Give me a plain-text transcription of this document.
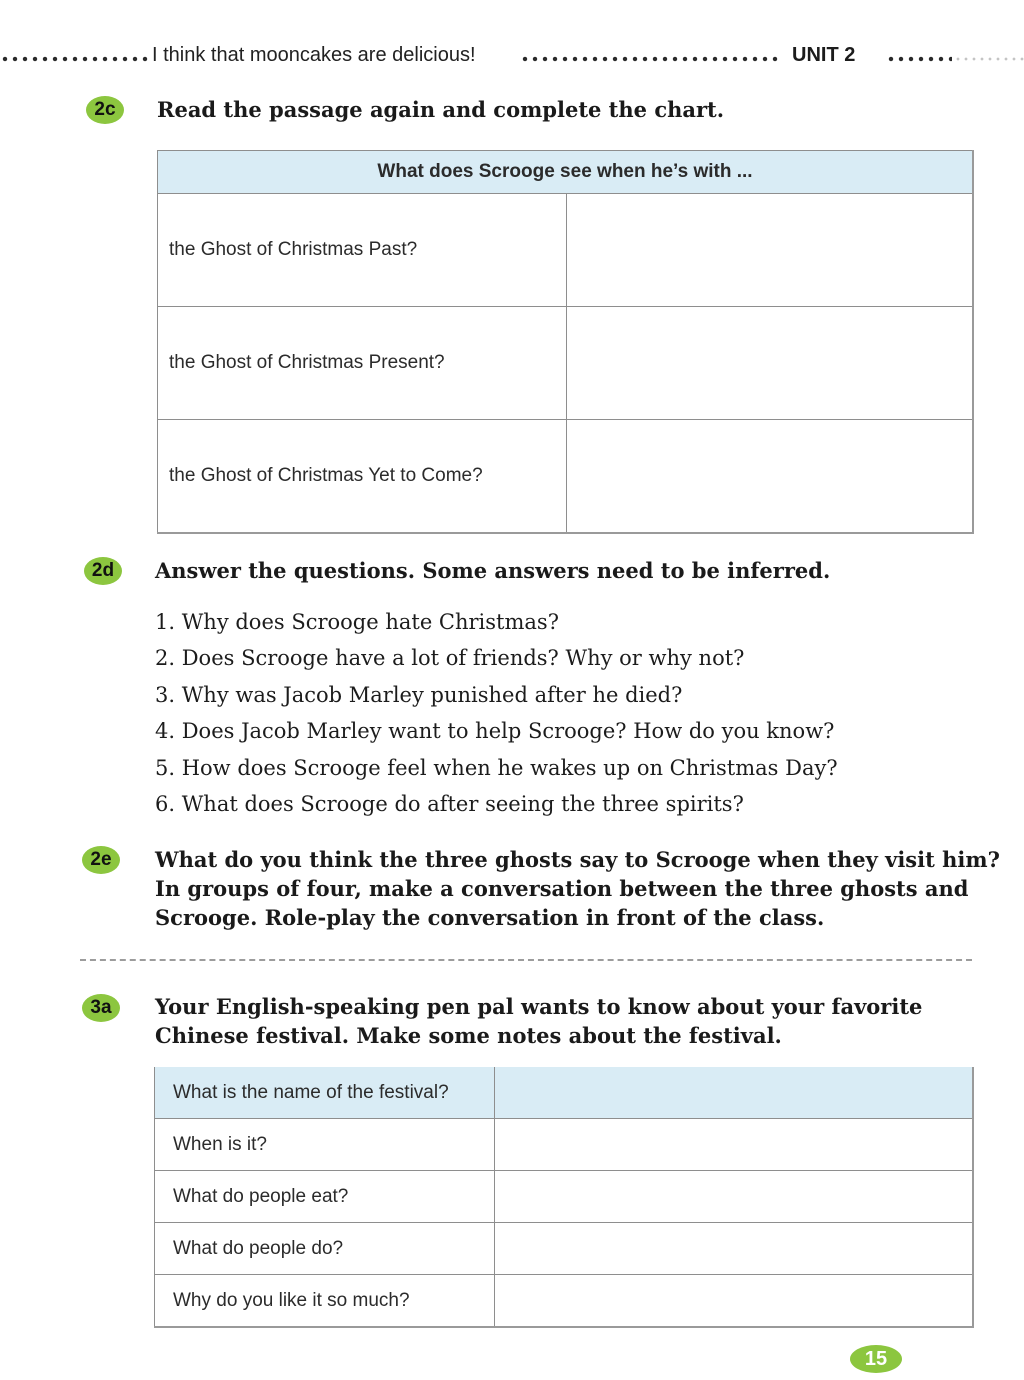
I think that mooncakes are delicious!	UNIT 2
2c	Read the passage again and complete the chart.
What does Scrooge see when he’s with ...	
the Ghost of Christmas Past?	
the Ghost of Christmas Present?	
the Ghost of Christmas Yet to Come?	
2d	Answer the questions. Some answers need to be inferred.
1. Why does Scrooge hate Christmas?
2. Does Scrooge have a lot of friends? Why or why not?
3. Why was Jacob Marley punished after he died?
4. Does Jacob Marley want to help Scrooge? How do you know?
5. How does Scrooge feel when he wakes up on Christmas Day?
6. What does Scrooge do after seeing the three spirits?
2e	What do you think the three ghosts say to Scrooge when they visit him?
In groups of four, make a conversation between the three ghosts and
Scrooge. Role-play the conversation in front of the class.
3a	Your English-speaking pen pal wants to know about your favorite
Chinese festival. Make some notes about the festival.
What is the name of the festival?	
When is it?	
What do people eat?	
What do people do?	
Why do you like it so much?	
15
